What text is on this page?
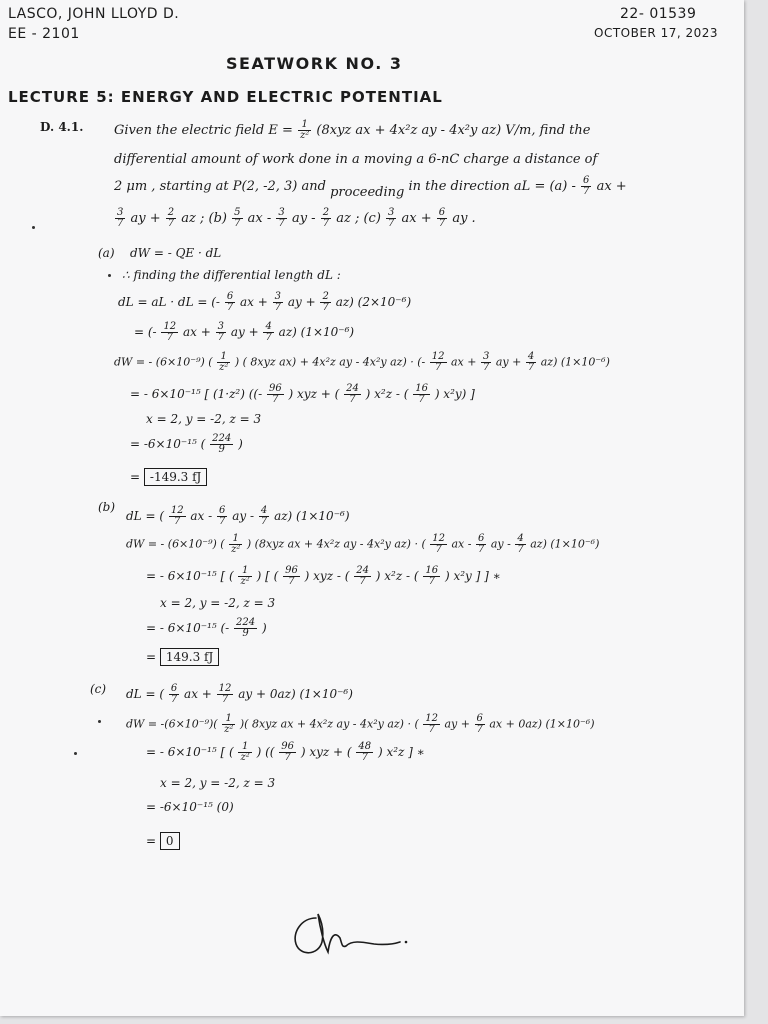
LASCO, JOHN LLOYD D.
EE - 2101
22- 01539
OCTOBER 17, 2023
SEATWORK NO. 3
LECTURE 5: ENERGY AND ELECTRIC POTENTIAL
D. 4.1. Given the electric field $E = \frac{1}{\text{z²}} (8xyz$ ax + 4x²z ay - 4x²y az) V/m, find the
differential amount of work done in a moving a 6-nC charge a distance of
2 μm , starting at P(2, -2, 3) and proceeding in the direction aL = $(a) - \frac{6}{7}$ ax +
$\frac{3}{7}$ ay + $\frac{2}{7}$ az ; $(b) \frac{5}{7}$ ax - $\frac{3}{7}$ ay - $\frac{2}{7}$ az ; $(c) \frac{3}{7}$ ax + $\frac{6}{7}$ ay .
(a) dW = - QE · dL
∴ finding the differential length dL :
dL = aL · dL = (- $\frac{6}{7}$ ax + $\frac{3}{7}$ ay + $\frac{2}{7} az$) (2×10⁻⁶)
= (- $\frac{12}{7}$ ax + $\frac{3}{7}$ ay + $\frac{4}{7} az$) (1×10⁻⁶)
dW = - (6×10⁻⁹) ( $\frac{1}{\text{z²}}$ ) ( 8xyz ax) + 4x²z ay - 4x²y az) · (- $\frac{12}{7}$ ax + $\frac{3}{7}$ ay + $\frac{4}{7} az$) (1×10⁻⁶)
= - 6×10⁻¹⁵ [ (1·z²) ((- $\frac{96}{7}$ ) xyz + ( $\frac{24}{7}$ ) x²z - ( $\frac{16}{7}$ ) x²y) ]
x = 2, y = -2, z = 3
= -6×10⁻¹⁵ ( $\frac{224}{9}$ )
= -149.3 fJ
(b)
dL = ( $\frac{12}{7}$ ax - $\frac{6}{7}$ ay - $\frac{4}{7} az$) (1×10⁻⁶)
dW = - (6×10⁻⁹) ( $\frac{1}{\text{z²}}$ ) (8xyz ax + 4x²z ay - 4x²y az) · ( $\frac{12}{7}$ ax - $\frac{6}{7}$ ay - $\frac{4}{7} az$) (1×10⁻⁶)
= - 6×10⁻¹⁵ [ ( $\frac{1}{\text{z²}}$ ) [ ( $\frac{96}{7}$ ) xyz - ( $\frac{24}{7}$ ) x²z - ( $\frac{16}{7}$ ) x²y ] ] ∗
x = 2, y = -2, z = 3
= - 6×10⁻¹⁵ (- $\frac{224}{9}$ )
= 149.3 fJ
(c) dL = ( $\frac{6}{7}$ ax + $\frac{12}{7}$ ay + 0az) (1×10⁻⁶)
dW = $-(6\times 10^{-9})( \frac{1}{\text{z²}}$ )( 8xyz ax + 4x²z ay - 4x²y az) · ( $\frac{12}{7}$ ay + $\frac{6}{7}$ ax + 0az) (1×10⁻⁶)
= - 6×10⁻¹⁵ [ ( $\frac{1}{\text{z²}}$ ) (( $\frac{96}{7}$ ) xyz + ( $\frac{48}{7}$ ) x²z ] ∗
x = 2, y = -2, z = 3
= -6×10⁻¹⁵ (0)
= 0
